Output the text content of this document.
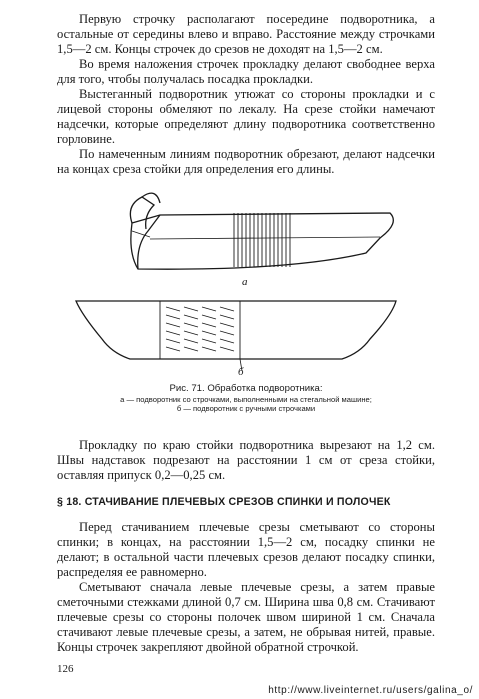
Первую строчку располагают посередине подворотника, а остальные от середины влево и вправо. Расстояние между строчками 1,5—2 см. Концы строчек до срезов не доходят на 1,5—2 см.

Во время наложения строчек прокладку делают свободнее верха для того, чтобы получалась посадка прокладки.

Выстеганный подворотник утюжат со стороны прокладки и с лицевой стороны обмеляют по лекалу. На срезе стойки намечают надсечки, которые определяют длину подворотника соответственно горловине.

По намеченным линиям подворотник обрезают, делают надсечки на концах среза стойки для определения его длины.

а
б
Рис. 71. Обработка подворотника:
а — подворотник со строчками, выполненными на стегальной машине;
б — подворотник с ручными строчками

Прокладку по краю стойки подворотника вырезают на 1,2 см. Швы надставок подрезают на расстоянии 1 см от среза стойки, оставляя припуск 0,2—0,25 см.

§ 18. СТАЧИВАНИЕ ПЛЕЧЕВЫХ СРЕЗОВ СПИНКИ И ПОЛОЧЕК

Перед стачиванием плечевые срезы сметывают со стороны спинки; в концах, на расстоянии 1,5—2 см, посадку спинки не делают; в остальной части плечевых срезов делают посадку спинки, распределяя ее равномерно.

Сметывают сначала левые плечевые срезы, а затем правые сметочными стежками длиной 0,7 см. Ширина шва 0,8 см. Стачивают плечевые срезы со стороны полочек швом шириной 1 см. Сначала стачивают левые плечевые срезы, а затем, не обрывая нитей, правые. Концы строчек закрепляют двойной обратной строчкой.

126
http://www.liveinternet.ru/users/galina_o/
